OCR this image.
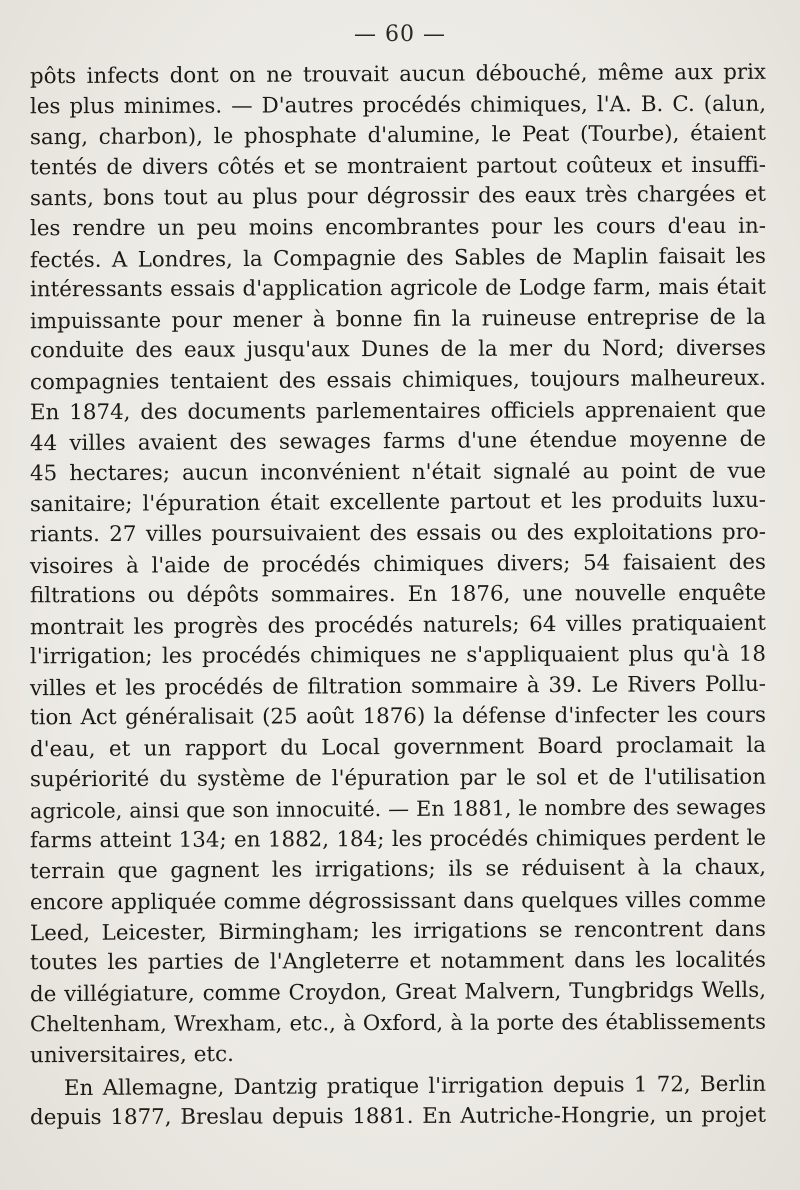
— 60 —
pôts infects dont on ne trouvait aucun débouché, même aux prix
les plus minimes. — D'autres procédés chimiques, l'A. B. C. (alun,
sang, charbon), le phosphate d'alumine, le Peat (Tourbe), étaient
tentés de divers côtés et se montraient partout coûteux et insuffi-
sants, bons tout au plus pour dégrossir des eaux très chargées et
les rendre un peu moins encombrantes pour les cours d'eau in-
fectés. A Londres, la Compagnie des Sables de Maplin faisait les
intéressants essais d'application agricole de Lodge farm, mais était
impuissante pour mener à bonne fin la ruineuse entreprise de la
conduite des eaux jusqu'aux Dunes de la mer du Nord; diverses
compagnies tentaient des essais chimiques, toujours malheureux.
En 1874, des documents parlementaires officiels apprenaient que
44 villes avaient des sewages farms d'une étendue moyenne de
45 hectares; aucun inconvénient n'était signalé au point de vue
sanitaire; l'épuration était excellente partout et les produits luxu-
riants. 27 villes poursuivaient des essais ou des exploitations pro-
visoires à l'aide de procédés chimiques divers; 54 faisaient des
filtrations ou dépôts sommaires. En 1876, une nouvelle enquête
montrait les progrès des procédés naturels; 64 villes pratiquaient
l'irrigation; les procédés chimiques ne s'appliquaient plus qu'à 18
villes et les procédés de filtration sommaire à 39. Le Rivers Pollu-
tion Act généralisait (25 août 1876) la défense d'infecter les cours
d'eau, et un rapport du Local government Board proclamait la
supériorité du système de l'épuration par le sol et de l'utilisation
agricole, ainsi que son innocuité. — En 1881, le nombre des sewages
farms atteint 134; en 1882, 184; les procédés chimiques perdent le
terrain que gagnent les irrigations; ils se réduisent à la chaux,
encore appliquée comme dégrossissant dans quelques villes comme
Leed, Leicester, Birmingham; les irrigations se rencontrent dans
toutes les parties de l'Angleterre et notamment dans les localités
de villégiature, comme Croydon, Great Malvern, Tungbridgs Wells,
Cheltenham, Wrexham, etc., à Oxford, à la porte des établissements
universitaires, etc.
En Allemagne, Dantzig pratique l'irrigation depuis 1 72, Berlin
depuis 1877, Breslau depuis 1881. En Autriche-Hongrie, un projet
